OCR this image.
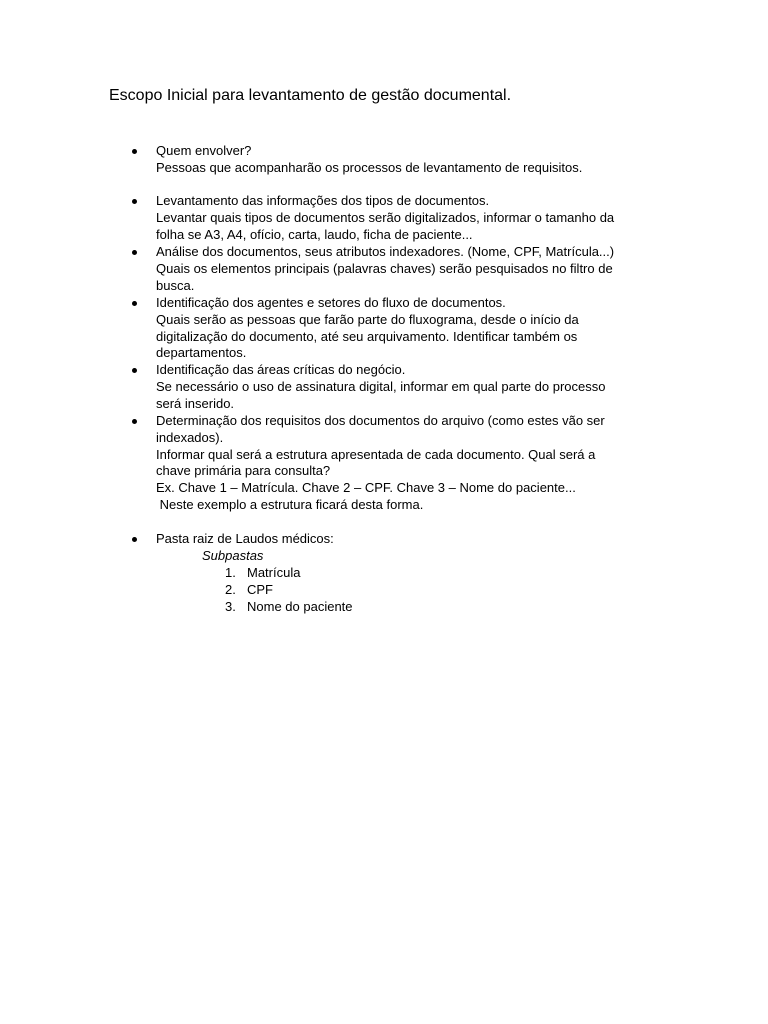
Escopo Inicial para levantamento de gestão documental.
Quem envolver?
Pessoas que acompanharão os processos de levantamento de requisitos.
Levantamento das informações dos tipos de documentos.
Levantar quais tipos de documentos serão digitalizados, informar o tamanho da
folha se A3, A4, ofício, carta, laudo, ficha de paciente...
Análise dos documentos, seus atributos indexadores. (Nome, CPF, Matrícula...)
Quais os elementos principais (palavras chaves) serão pesquisados no filtro de
busca.
Identificação dos agentes e setores do fluxo de documentos.
Quais serão as pessoas que farão parte do fluxograma, desde o início da
digitalização do documento, até seu arquivamento. Identificar também os
departamentos.
Identificação das áreas críticas do negócio.
Se necessário o uso de assinatura digital, informar em qual parte do processo
será inserido.
Determinação dos requisitos dos documentos do arquivo (como estes vão ser
indexados).
Informar qual será a estrutura apresentada de cada documento. Qual será a
chave primária para consulta?
Ex. Chave 1 – Matrícula. Chave 2 – CPF. Chave 3 – Nome do paciente...
Neste exemplo a estrutura ficará desta forma.
Pasta raiz de Laudos médicos:
Subpastas
1. Matrícula
2. CPF
3. Nome do paciente
